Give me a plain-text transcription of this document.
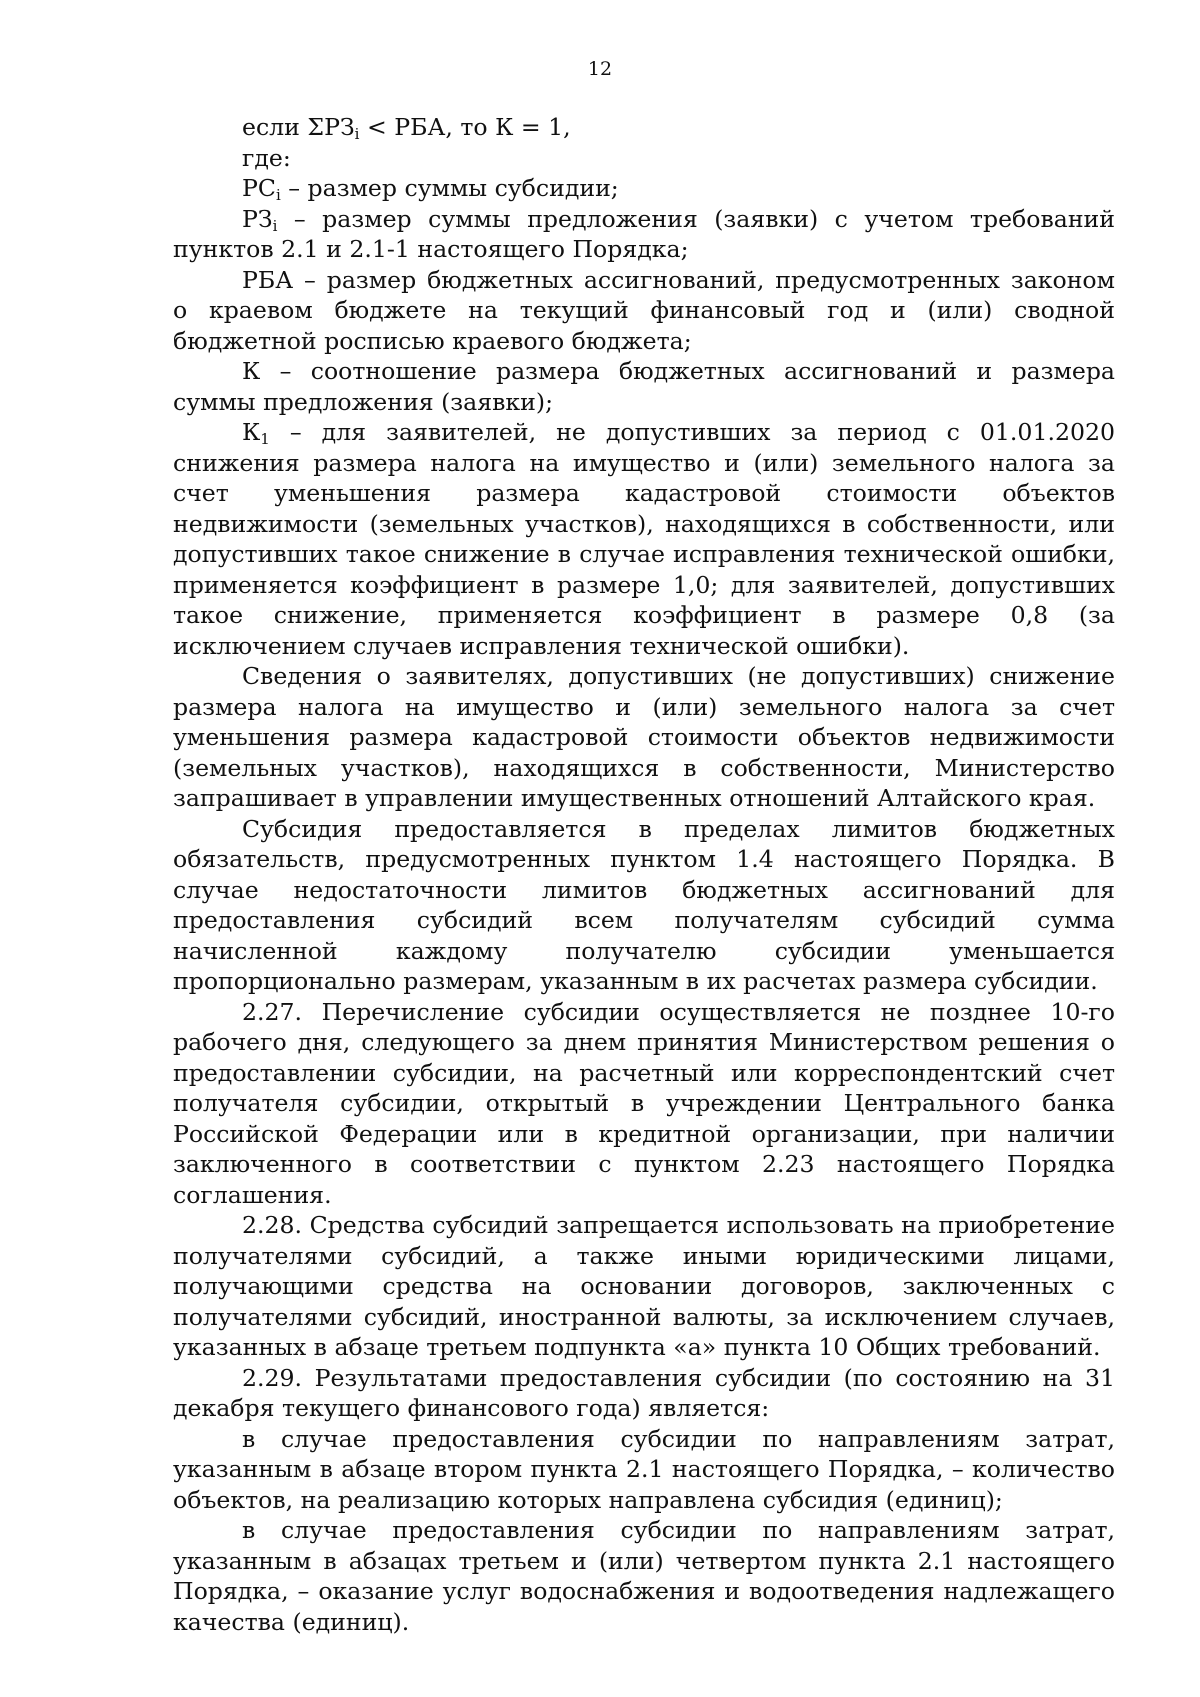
12

если $\Sigma РЗ_i$ < РБА, то К = 1,

где:

$РС_i$ – размер суммы субсидии;

$РЗ_i$ – размер суммы предложения (заявки) с учетом требований пунктов 2.1 и 2.1-1 настоящего Порядка;

РБА – размер бюджетных ассигнований, предусмотренных законом о краевом бюджете на текущий финансовый год и (или) сводной бюджетной росписью краевого бюджета;

К – соотношение размера бюджетных ассигнований и размера суммы предложения (заявки);

$К_1$ – для заявителей, не допустивших за период с 01.01.2020 снижения размера налога на имущество и (или) земельного налога за счет уменьшения размера кадастровой стоимости объектов недвижимости (земельных участков), находящихся в собственности, или допустивших такое снижение в случае исправления технической ошибки, применяется коэффициент в размере 1,0; для заявителей, допустивших такое снижение, применяется коэффициент в размере 0,8 (за исключением случаев исправления технической ошибки).

Сведения о заявителях, допустивших (не допустивших) снижение размера налога на имущество и (или) земельного налога за счет уменьшения размера кадастровой стоимости объектов недвижимости (земельных участков), находящихся в собственности, Министерство запрашивает в управлении имущественных отношений Алтайского края.

Субсидия предоставляется в пределах лимитов бюджетных обязательств, предусмотренных пунктом 1.4 настоящего Порядка. В случае недостаточности лимитов бюджетных ассигнований для предоставления субсидий всем получателям субсидий сумма начисленной каждому получателю субсидии уменьшается пропорционально размерам, указанным в их расчетах размера субсидии.

2.27. Перечисление субсидии осуществляется не позднее 10-го рабочего дня, следующего за днем принятия Министерством решения о предоставлении субсидии, на расчетный или корреспондентский счет получателя субсидии, открытый в учреждении Центрального банка Российской Федерации или в кредитной организации, при наличии заключенного в соответствии с пунктом 2.23 настоящего Порядка соглашения.

2.28. Средства субсидий запрещается использовать на приобретение получателями субсидий, а также иными юридическими лицами, получающими средства на основании договоров, заключенных с получателями субсидий, иностранной валюты, за исключением случаев, указанных в абзаце третьем подпункта «а» пункта 10 Общих требований.

2.29. Результатами предоставления субсидии (по состоянию на 31 декабря текущего финансового года) является:

в случае предоставления субсидии по направлениям затрат, указанным в абзаце втором пункта 2.1 настоящего Порядка, – количество объектов, на реализацию которых направлена субсидия (единиц);

в случае предоставления субсидии по направлениям затрат, указанным в абзацах третьем и (или) четвертом пункта 2.1 настоящего Порядка, – оказание услуг водоснабжения и водоотведения надлежащего качества (единиц).
